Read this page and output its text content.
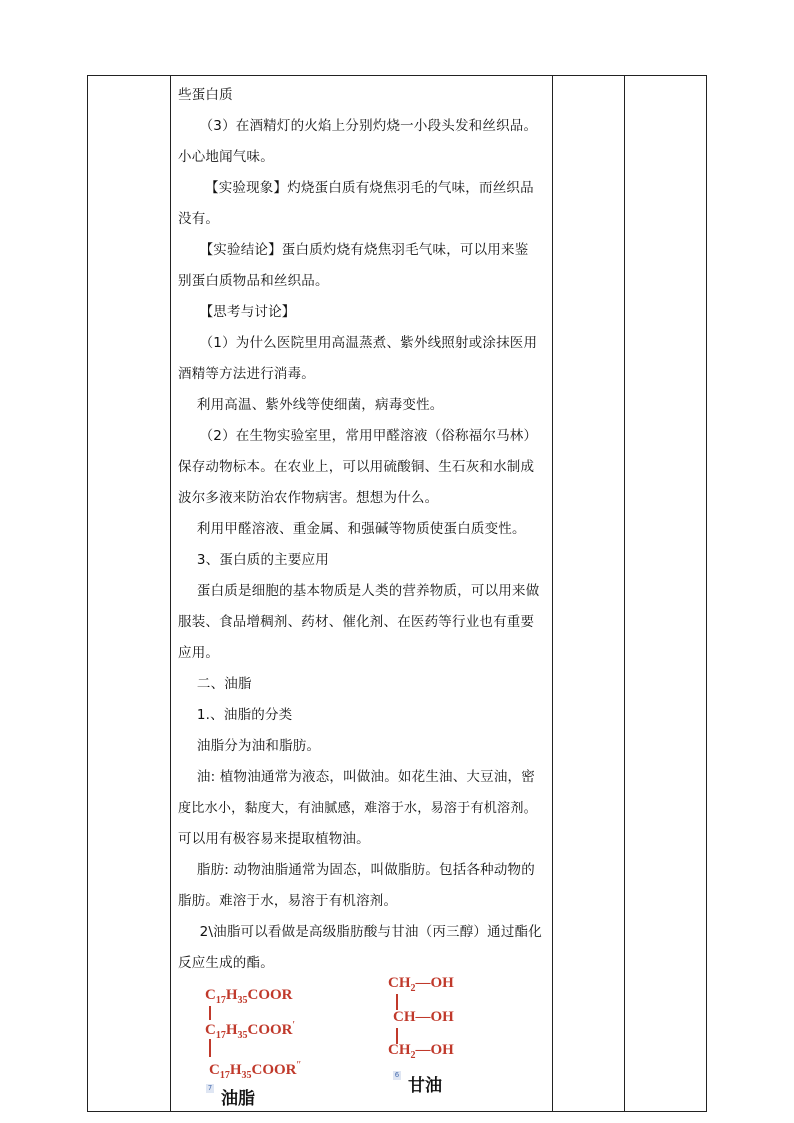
些蛋白质

（3）在酒精灯的火焰上分别灼烧一小段头发和丝织品。

小心地闻气味。

【实验现象】灼烧蛋白质有烧焦羽毛的气味，而丝织品

没有。

【实验结论】蛋白质灼烧有烧焦羽毛气味，可以用来鉴

别蛋白质物品和丝织品。

【思考与讨论】

（1）为什么医院里用高温蒸煮、紫外线照射或涂抹医用

酒精等方法进行消毒。

利用高温、紫外线等使细菌，病毒变性。

（2）在生物实验室里，常用甲醛溶液（俗称福尔马林）

保存动物标本。在农业上，可以用硫酸铜、生石灰和水制成

波尔多液来防治农作物病害。想想为什么。

利用甲醛溶液、重金属、和强碱等物质使蛋白质变性。

3、蛋白质的主要应用

蛋白质是细胞的基本物质是人类的营养物质，可以用来做

服装、食品增稠剂、药材、催化剂、在医药等行业也有重要

应用。

二、油脂

1.、油脂的分类

油脂分为油和脂肪。

油: 植物油通常为液态，叫做油。如花生油、大豆油，密

度比水小，黏度大，有油腻感，难溶于水，易溶于有机溶剂。

可以用有极容易来提取植物油。

脂肪: 动物油脂通常为固态，叫做脂肪。包括各种动物的

脂肪。难溶于水，易溶于有机溶剂。

2\油脂可以看做是高级脂肪酸与甘油（丙三醇）通过酯化

反应生成的酯。

$C_{17}H_{35}COOR$
$C_{17}H_{35}COOR'$
$C_{17}H_{35}COOR''$
7
油脂
$CH_2—OH$
CH—OH
$CH_2—OH$
6
甘油
